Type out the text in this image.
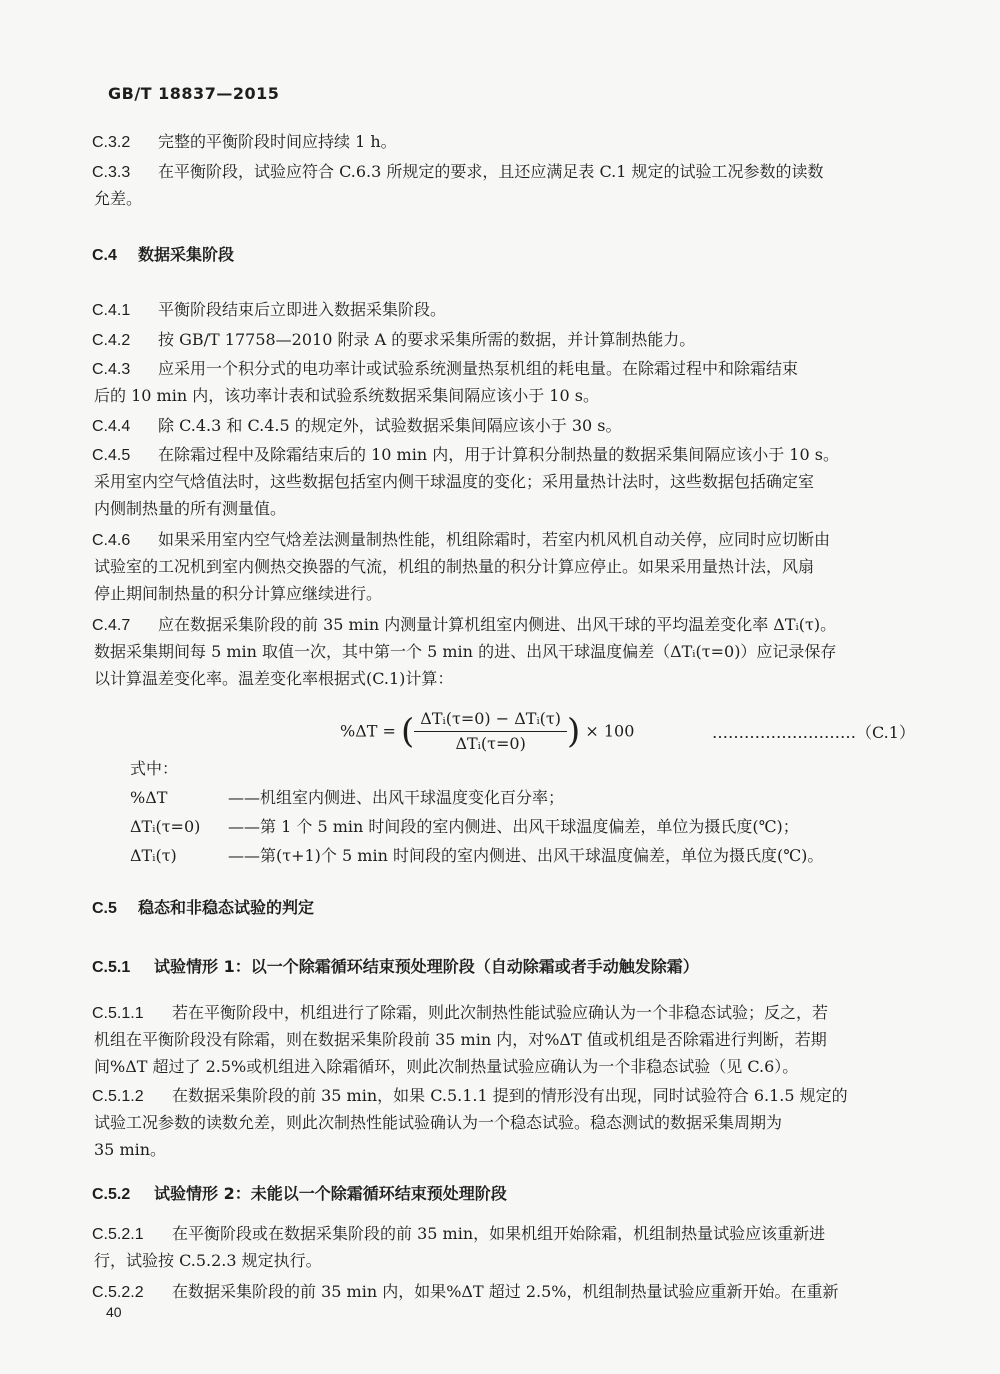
GB/T 18837—2015
C.3.2 完整的平衡阶段时间应持续 1 h。
C.3.3 在平衡阶段，试验应符合 C.6.3 所规定的要求，且还应满足表 C.1 规定的试验工况参数的读数
允差。
C.4 数据采集阶段
C.4.1 平衡阶段结束后立即进入数据采集阶段。
C.4.2 按 GB/T 17758—2010 附录 A 的要求采集所需的数据，并计算制热能力。
C.4.3 应采用一个积分式的电功率计或试验系统测量热泵机组的耗电量。在除霜过程中和除霜结束
后的 10 min 内，该功率计表和试验系统数据采集间隔应该小于 10 s。
C.4.4 除 C.4.3 和 C.4.5 的规定外，试验数据采集间隔应该小于 30 s。
C.4.5 在除霜过程中及除霜结束后的 10 min 内，用于计算积分制热量的数据采集间隔应该小于 10 s。
采用室内空气焓值法时，这些数据包括室内侧干球温度的变化；采用量热计法时，这些数据包括确定室
内侧制热量的所有测量值。
C.4.6 如果采用室内空气焓差法测量制热性能，机组除霜时，若室内机风机自动关停，应同时应切断由
试验室的工况机到室内侧热交换器的气流，机组的制热量的积分计算应停止。如果采用量热计法，风扇
停止期间制热量的积分计算应继续进行。
C.4.7 应在数据采集阶段的前 35 min 内测量计算机组室内侧进、出风干球的平均温差变化率 ΔTᵢ(τ)。
数据采集期间每 5 min 取值一次，其中第一个 5 min 的进、出风干球温度偏差（ΔTᵢ(τ=0)）应记录保存
以计算温差变化率。温差变化率根据式(C.1)计算：
%ΔT = ( $\frac{\text{ΔTᵢ(τ=0) − ΔTᵢ(τ)}}{\text{ΔTᵢ(τ=0)}}$ ) × 100	………………………（C.1）
式中：
%ΔT	——机组室内侧进、出风干球温度变化百分率；
ΔTᵢ(τ=0) ——第 1 个 5 min 时间段的室内侧进、出风干球温度偏差，单位为摄氏度(℃)；
ΔTᵢ(τ)	——第(τ+1)个 5 min 时间段的室内侧进、出风干球温度偏差，单位为摄氏度(℃)。
C.5 稳态和非稳态试验的判定
C.5.1 试验情形 1：以一个除霜循环结束预处理阶段（自动除霜或者手动触发除霜）
C.5.1.1 若在平衡阶段中，机组进行了除霜，则此次制热性能试验应确认为一个非稳态试验；反之，若
机组在平衡阶段没有除霜，则在数据采集阶段前 35 min 内，对%ΔT 值或机组是否除霜进行判断，若期
间%ΔT 超过了 2.5%或机组进入除霜循环，则此次制热量试验应确认为一个非稳态试验（见 C.6）。
C.5.1.2 在数据采集阶段的前 35 min，如果 C.5.1.1 提到的情形没有出现，同时试验符合 6.1.5 规定的
试验工况参数的读数允差，则此次制热性能试验确认为一个稳态试验。稳态测试的数据采集周期为
35 min。
C.5.2 试验情形 2：未能以一个除霜循环结束预处理阶段
C.5.2.1 在平衡阶段或在数据采集阶段的前 35 min，如果机组开始除霜，机组制热量试验应该重新进
行，试验按 C.5.2.3 规定执行。
C.5.2.2 在数据采集阶段的前 35 min 内，如果%ΔT 超过 2.5%，机组制热量试验应重新开始。在重新
40
